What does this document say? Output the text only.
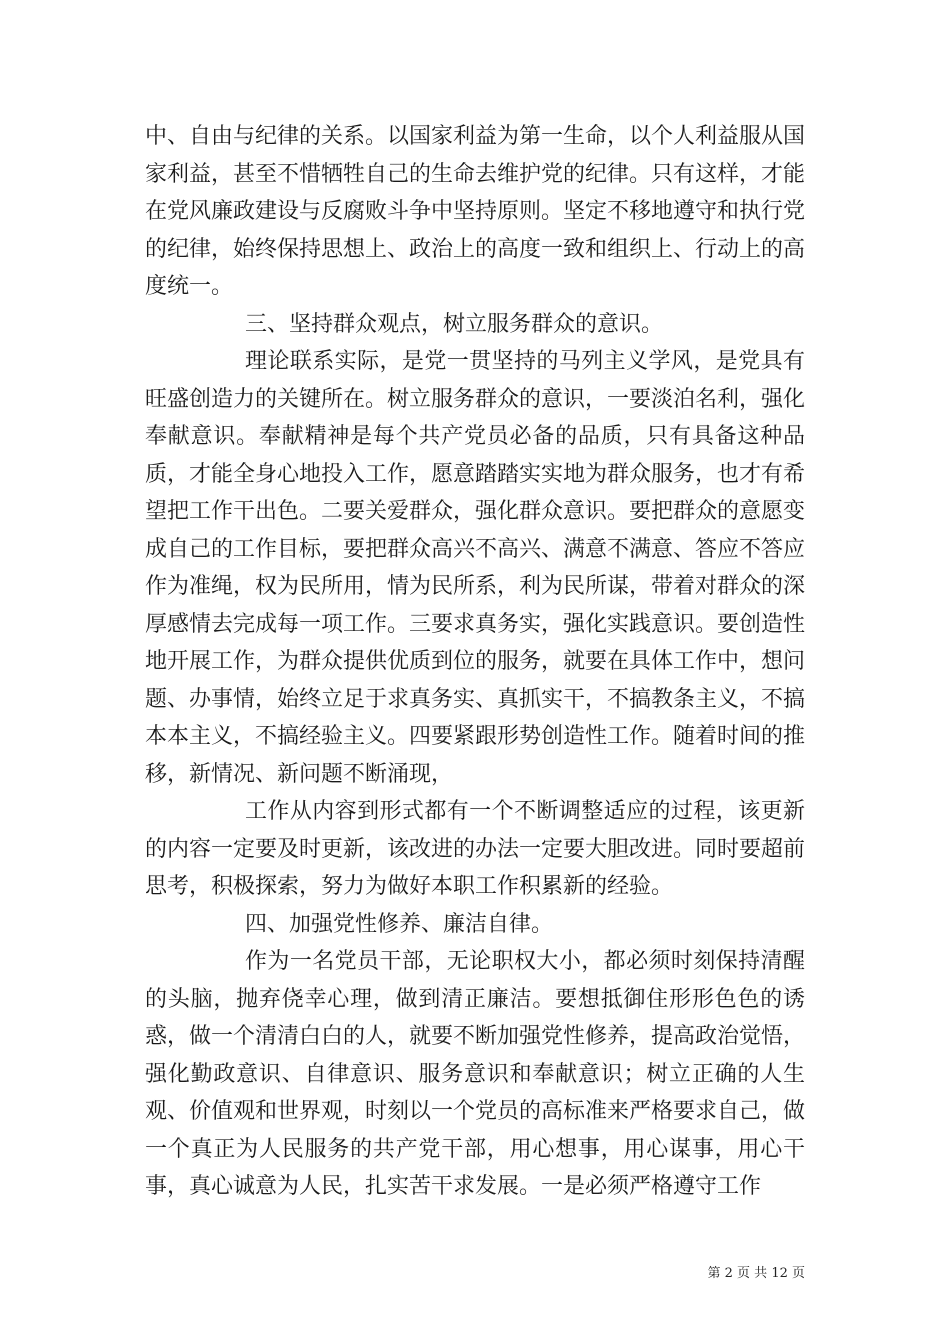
中、自由与纪律的关系。以国家利益为第一生命，以个人利益服从国家利益，甚至不惜牺牲自己的生命去维护党的纪律。只有这样，才能在党风廉政建设与反腐败斗争中坚持原则。坚定不移地遵守和执行党的纪律，始终保持思想上、政治上的高度一致和组织上、行动上的高度统一。

三、坚持群众观点，树立服务群众的意识。

理论联系实际，是党一贯坚持的马列主义学风，是党具有旺盛创造力的关键所在。树立服务群众的意识，一要淡泊名利，强化奉献意识。奉献精神是每个共产党员必备的品质，只有具备这种品质，才能全身心地投入工作，愿意踏踏实实地为群众服务，也才有希望把工作干出色。二要关爱群众，强化群众意识。要把群众的意愿变成自己的工作目标，要把群众高兴不高兴、满意不满意、答应不答应作为准绳，权为民所用，情为民所系，利为民所谋，带着对群众的深厚感情去完成每一项工作。三要求真务实，强化实践意识。要创造性地开展工作，为群众提供优质到位的服务，就要在具体工作中，想问题、办事情，始终立足于求真务实、真抓实干，不搞教条主义，不搞本本主义，不搞经验主义。四要紧跟形势创造性工作。随着时间的推移，新情况、新问题不断涌现，

工作从内容到形式都有一个不断调整适应的过程，该更新的内容一定要及时更新，该改进的办法一定要大胆改进。同时要超前思考，积极探索，努力为做好本职工作积累新的经验。

四、加强党性修养、廉洁自律。

作为一名党员干部，无论职权大小，都必须时刻保持清醒的头脑，抛弃侥幸心理，做到清正廉洁。要想抵御住形形色色的诱惑，做一个清清白白的人，就要不断加强党性修养，提高政治觉悟，强化勤政意识、自律意识、服务意识和奉献意识；树立正确的人生观、价值观和世界观，时刻以一个党员的高标准来严格要求自己，做一个真正为人民服务的共产党干部，用心想事，用心谋事，用心干事，真心诚意为人民，扎实苦干求发展。一是必须严格遵守工作

第 2 页 共 12 页
